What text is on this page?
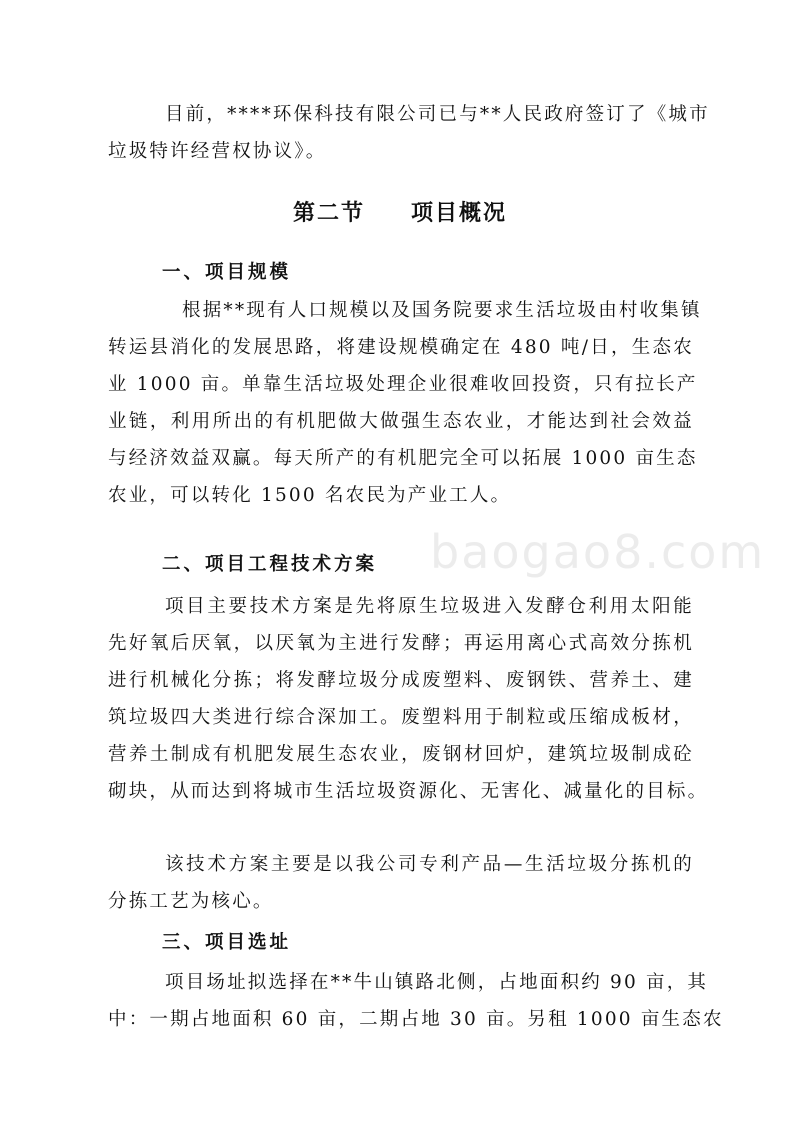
baogao8.com
目前，****环保科技有限公司已与**人民政府签订了《城市
垃圾特许经营权协议》。
第二节 项目概况
一、项目规模
根据**现有人口规模以及国务院要求生活垃圾由村收集镇
转运县消化的发展思路，将建设规模确定在 480 吨/日，生态农
业 1000 亩。单靠生活垃圾处理企业很难收回投资，只有拉长产
业链，利用所出的有机肥做大做强生态农业，才能达到社会效益
与经济效益双赢。每天所产的有机肥完全可以拓展 1000 亩生态
农业，可以转化 1500 名农民为产业工人。
二、项目工程技术方案
项目主要技术方案是先将原生垃圾进入发酵仓利用太阳能
先好氧后厌氧，以厌氧为主进行发酵；再运用离心式高效分拣机
进行机械化分拣；将发酵垃圾分成废塑料、废钢铁、营养土、建
筑垃圾四大类进行综合深加工。废塑料用于制粒或压缩成板材，
营养土制成有机肥发展生态农业，废钢材回炉，建筑垃圾制成砼
砌块，从而达到将城市生活垃圾资源化、无害化、减量化的目标。
该技术方案主要是以我公司专利产品—生活垃圾分拣机的
分拣工艺为核心。
三、项目选址
项目场址拟选择在**牛山镇路北侧，占地面积约 90 亩，其
中：一期占地面积 60 亩，二期占地 30 亩。另租 1000 亩生态农
